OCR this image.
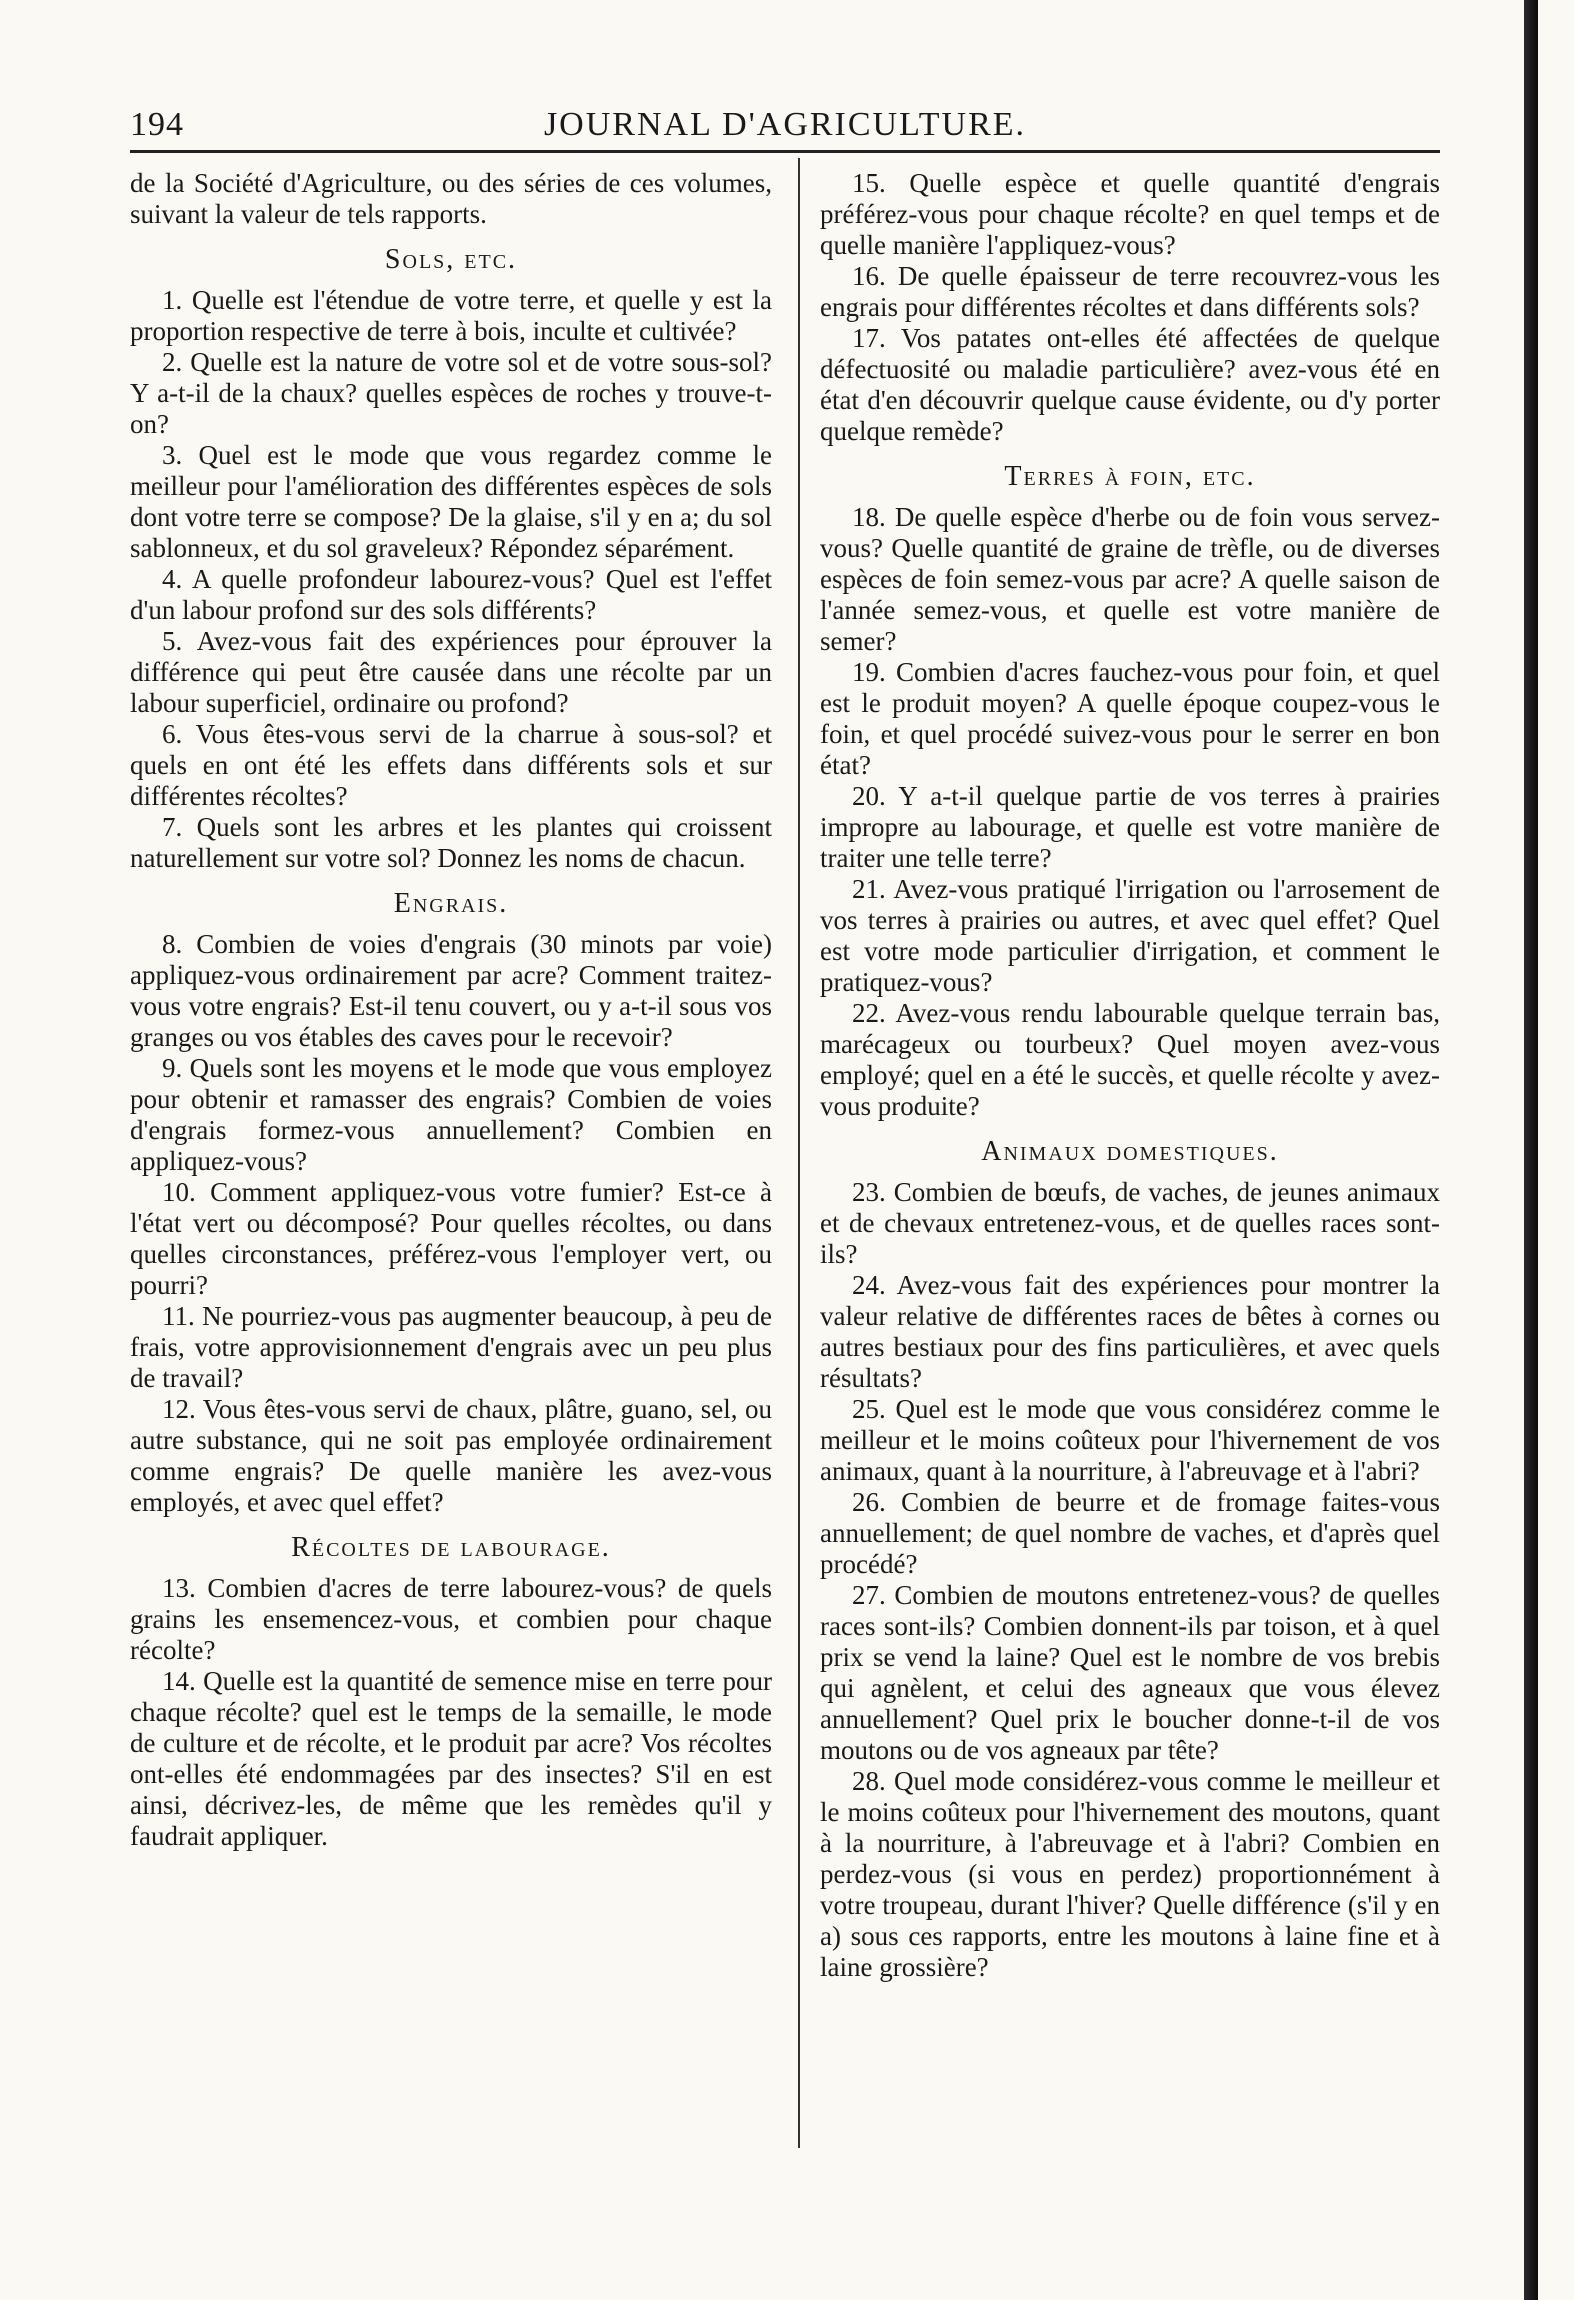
194	JOURNAL D'AGRICULTURE.

de la Société d'Agriculture, ou des séries de ces volumes, suivant la valeur de tels rapports.

Sols, etc.

1. Quelle est l'étendue de votre terre, et quelle y est la proportion respective de terre à bois, inculte et cultivée?

2. Quelle est la nature de votre sol et de votre sous-sol? Y a-t-il de la chaux? quelles espèces de roches y trouve-t-on?

3. Quel est le mode que vous regardez comme le meilleur pour l'amélioration des différentes espèces de sols dont votre terre se compose? De la glaise, s'il y en a; du sol sablonneux, et du sol graveleux? Répondez séparément.

4. A quelle profondeur labourez-vous? Quel est l'effet d'un labour profond sur des sols différents?

5. Avez-vous fait des expériences pour éprouver la différence qui peut être causée dans une récolte par un labour superficiel, ordinaire ou profond?

6. Vous êtes-vous servi de la charrue à sous-sol? et quels en ont été les effets dans différents sols et sur différentes récoltes?

7. Quels sont les arbres et les plantes qui croissent naturellement sur votre sol? Donnez les noms de chacun.

Engrais.

8. Combien de voies d'engrais (30 minots par voie) appliquez-vous ordinairement par acre? Comment traitez-vous votre engrais? Est-il tenu couvert, ou y a-t-il sous vos granges ou vos étables des caves pour le recevoir?

9. Quels sont les moyens et le mode que vous employez pour obtenir et ramasser des engrais? Combien de voies d'engrais formez-vous annuellement? Combien en appliquez-vous?

10. Comment appliquez-vous votre fumier? Est-ce à l'état vert ou décomposé? Pour quelles récoltes, ou dans quelles circonstances, préférez-vous l'employer vert, ou pourri?

11. Ne pourriez-vous pas augmenter beaucoup, à peu de frais, votre approvisionnement d'engrais avec un peu plus de travail?

12. Vous êtes-vous servi de chaux, plâtre, guano, sel, ou autre substance, qui ne soit pas employée ordinairement comme engrais? De quelle manière les avez-vous employés, et avec quel effet?

Récoltes de labourage.

13. Combien d'acres de terre labourez-vous? de quels grains les ensemencez-vous, et combien pour chaque récolte?

14. Quelle est la quantité de semence mise en terre pour chaque récolte? quel est le temps de la semaille, le mode de culture et de récolte, et le produit par acre? Vos récoltes ont-elles été endommagées par des insectes? S'il en est ainsi, décrivez-les, de même que les remèdes qu'il y faudrait appliquer.

15. Quelle espèce et quelle quantité d'engrais préférez-vous pour chaque récolte? en quel temps et de quelle manière l'appliquez-vous?

16. De quelle épaisseur de terre recouvrez-vous les engrais pour différentes récoltes et dans différents sols?

17. Vos patates ont-elles été affectées de quelque défectuosité ou maladie particulière? avez-vous été en état d'en découvrir quelque cause évidente, ou d'y porter quelque remède?

Terres à foin, etc.

18. De quelle espèce d'herbe ou de foin vous servez-vous? Quelle quantité de graine de trèfle, ou de diverses espèces de foin semez-vous par acre? A quelle saison de l'année semez-vous, et quelle est votre manière de semer?

19. Combien d'acres fauchez-vous pour foin, et quel est le produit moyen? A quelle époque coupez-vous le foin, et quel procédé suivez-vous pour le serrer en bon état?

20. Y a-t-il quelque partie de vos terres à prairies impropre au labourage, et quelle est votre manière de traiter une telle terre?

21. Avez-vous pratiqué l'irrigation ou l'arrosement de vos terres à prairies ou autres, et avec quel effet? Quel est votre mode particulier d'irrigation, et comment le pratiquez-vous?

22. Avez-vous rendu labourable quelque terrain bas, marécageux ou tourbeux? Quel moyen avez-vous employé; quel en a été le succès, et quelle récolte y avez-vous produite?

Animaux domestiques.

23. Combien de bœufs, de vaches, de jeunes animaux et de chevaux entretenez-vous, et de quelles races sont-ils?

24. Avez-vous fait des expériences pour montrer la valeur relative de différentes races de bêtes à cornes ou autres bestiaux pour des fins particulières, et avec quels résultats?

25. Quel est le mode que vous considérez comme le meilleur et le moins coûteux pour l'hivernement de vos animaux, quant à la nourriture, à l'abreuvage et à l'abri?

26. Combien de beurre et de fromage faites-vous annuellement; de quel nombre de vaches, et d'après quel procédé?

27. Combien de moutons entretenez-vous? de quelles races sont-ils? Combien donnent-ils par toison, et à quel prix se vend la laine? Quel est le nombre de vos brebis qui agnèlent, et celui des agneaux que vous élevez annuellement? Quel prix le boucher donne-t-il de vos moutons ou de vos agneaux par tête?

28. Quel mode considérez-vous comme le meilleur et le moins coûteux pour l'hivernement des moutons, quant à la nourriture, à l'abreuvage et à l'abri? Combien en perdez-vous (si vous en perdez) proportionnément à votre troupeau, durant l'hiver? Quelle différence (s'il y en a) sous ces rapports, entre les moutons à laine fine et à laine grossière?
